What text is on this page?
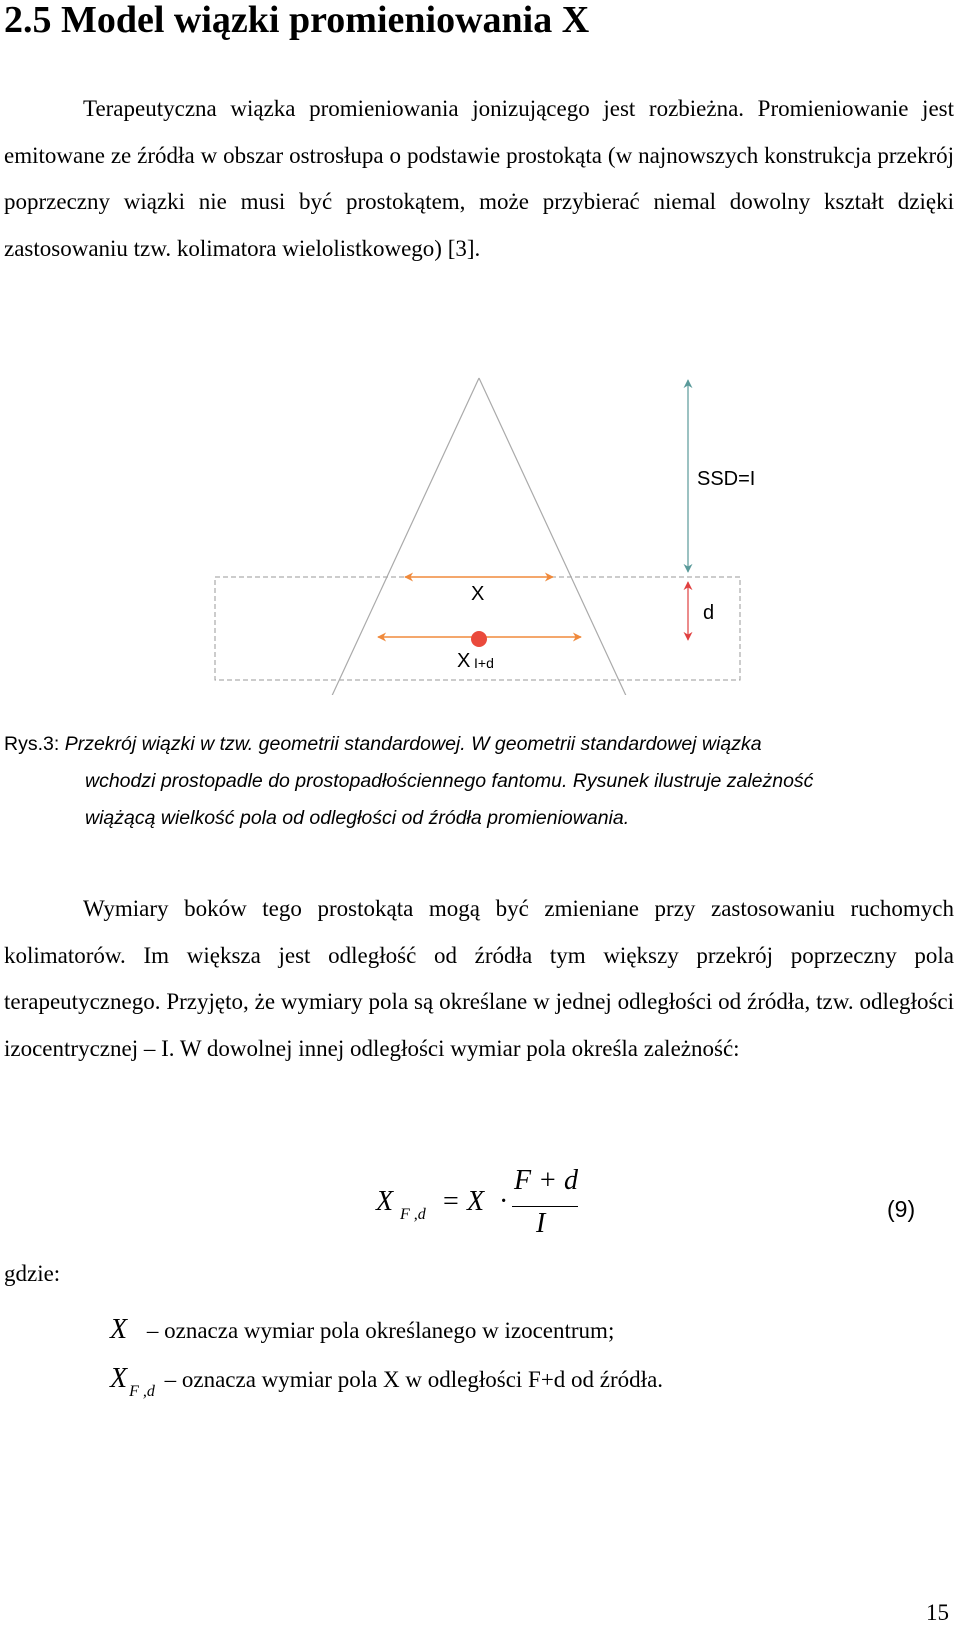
2.5 Model wiązki promieniowania X
Terapeutyczna wiązka promieniowania jonizującego jest rozbieżna. Promieniowanie jest emitowane ze źródła w obszar ostrosłupa o podstawie prostokąta (w najnowszych konstrukcja przekrój poprzeczny wiązki nie musi być prostokątem, może przybierać niemal dowolny kształt dzięki zastosowaniu tzw. kolimatora wielolistkowego) [3].
SSD=I
X
d
X I+d
Rys.3: Przekrój wiązki w tzw. geometrii standardowej. W geometrii standardowej wiązka
wchodzi prostopadle do prostopadłościennego fantomu. Rysunek ilustruje zależność
wiążącą wielkość pola od odległości od źródła promieniowania.
Wymiary boków tego prostokąta mogą być zmieniane przy zastosowaniu ruchomych kolimatorów. Im większa jest odległość od źródła tym większy przekrój poprzeczny pola terapeutycznego. Przyjęto, że wymiary pola są określane w jednej odległości od źródła, tzw. odległości izocentrycznej – I. W dowolnej innej odległości wymiar pola określa zależność:
X F ,d = X ·
F + d
I	(9)
gdzie:
X – oznacza wymiar pola określanego w izocentrum;
X $_{F ,d}$ – oznacza wymiar pola X w odległości F+d od źródła.
15
